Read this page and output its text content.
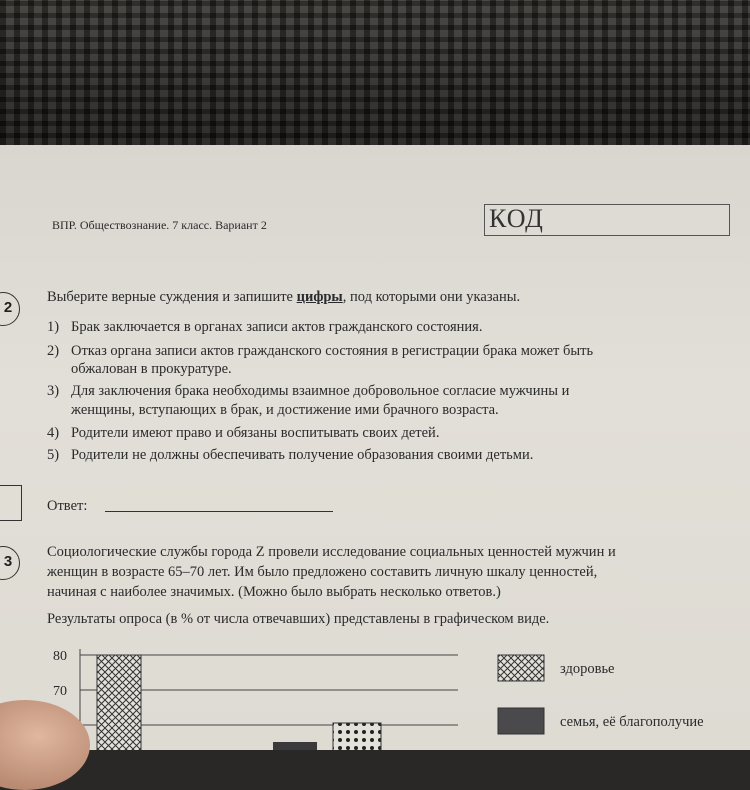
ВПР. Обществознание. 7 класс. Вариант 2	КОД
2
Выберите верные суждения и запишите цифры, под которыми они указаны.
1) Брак заключается в органах записи актов гражданского состояния.
2) Отказ органа записи актов гражданского состояния в регистрации брака может быть
обжалован в прокуратуре.
3) Для заключения брака необходимы взаимное добровольное согласие мужчины и
женщины, вступающих в брак, и достижение ими брачного возраста.
4) Родители имеют право и обязаны воспитывать своих детей.
5) Родители не должны обеспечивать получение образования своими детьми.
Ответ:
3
Социологические службы города Z провели исследование социальных ценностей мужчин и
женщин в возрасте 65–70 лет. Им было предложено составить личную шкалу ценностей,
начиная с наиболее значимых. (Можно было выбрать несколько ответов.)
Результаты опроса (в % от числа отвечавших) представлены в графическом виде.
80
70
здоровье
семья, её благополучие
